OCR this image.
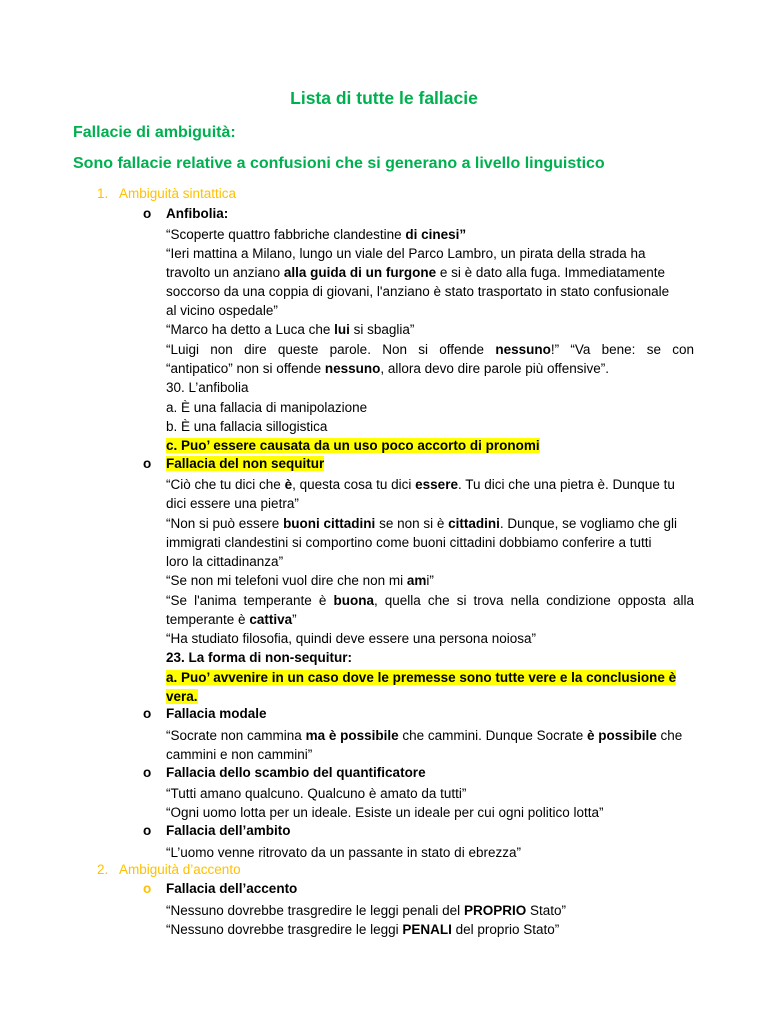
Lista di tutte le fallacie
Fallacie di ambiguità:
Sono fallacie relative a confusioni che si generano a livello linguistico
1. Ambiguità sintattica
o Anfibolia:
“Scoperte quattro fabbriche clandestine di cinesi”
“Ieri mattina a Milano, lungo un viale del Parco Lambro, un pirata della strada ha
travolto un anziano alla guida di un furgone e si è dato alla fuga. Immediatamente
soccorso da una coppia di giovani, l'anziano è stato trasportato in stato confusionale
al vicino ospedale”
“Marco ha detto a Luca che lui si sbaglia”
“Luigi non dire queste parole. Non si offende nessuno!” “Va bene: se con
“antipatico” non si offende nessuno, allora devo dire parole più offensive”.
30. L’anfibolia
a. È una fallacia di manipolazione
b. È una fallacia sillogistica
c. Puo’ essere causata da un uso poco accorto di pronomi
o Fallacia del non sequitur
“Ciò che tu dici che è, questa cosa tu dici essere. Tu dici che una pietra è. Dunque tu
dici essere una pietra”
“Non si può essere buoni cittadini se non si è cittadini. Dunque, se vogliamo che gli
immigrati clandestini si comportino come buoni cittadini dobbiamo conferire a tutti
loro la cittadinanza”
“Se non mi telefoni vuol dire che non mi ami”
“Se l'anima temperante è buona, quella che si trova nella condizione opposta alla
temperante è cattiva”
“Ha studiato filosofia, quindi deve essere una persona noiosa”
23. La forma di non-sequitur:
a. Puo’ avvenire in un caso dove le premesse sono tutte vere e la conclusione è
vera.
o Fallacia modale
“Socrate non cammina ma è possibile che cammini. Dunque Socrate è possibile che
cammini e non cammini”
o Fallacia dello scambio del quantificatore
“Tutti amano qualcuno. Qualcuno è amato da tutti”
“Ogni uomo lotta per un ideale. Esiste un ideale per cui ogni politico lotta”
o Fallacia dell’ambito
“L’uomo venne ritrovato da un passante in stato di ebrezza”
2. Ambiguità d’accento
o Fallacia dell’accento
“Nessuno dovrebbe trasgredire le leggi penali del PROPRIO Stato”
“Nessuno dovrebbe trasgredire le leggi PENALI del proprio Stato”
